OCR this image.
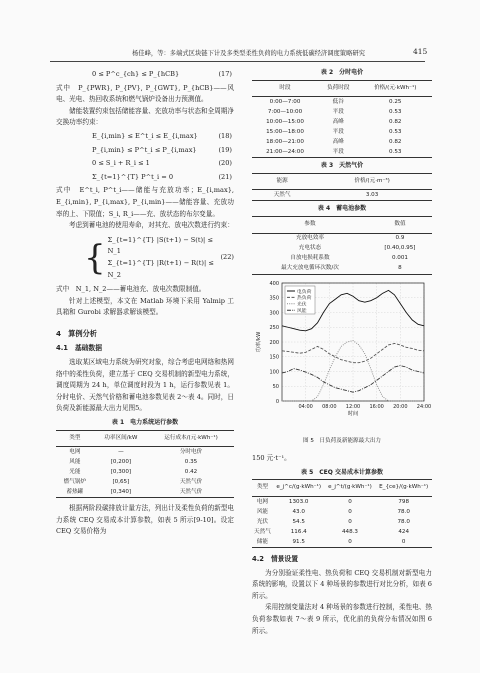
杨佳峰，等：多端式区块链下计及多类型柔性负荷的电力系统低碳经济调度策略研究	415
0 ≤ P^c_{ch} ≤ P_{hCB}	(17)

式中　P_{PWR}, P_{PV}, P_{GWT}, P_{hCB}——风电、光电、热回收系统和燃气锅炉设备出力预测值。

储能装置约束包括储能容量、充放功率与状态和全周期净交换功率约束：

E_{i,min} ≤ E^t_i ≤ E_{i,max}	(18)
P_{i,min} ≤ P^t_i ≤ P_{i,max}	(19)
0 ≤ S_i + R_i ≤ 1	(20)
Σ_{t=1}^{T} P^t_i = 0	(21)

式中　E^t_i, P^t_i——储能与充放功率；E_{i,max}, E_{i,min}, P_{i,max}, P_{i,min}——储能容量、充放功率的上、下限值；S_i, R_i——充、放状态的布尔变量。

考虑到蓄电池的使用寿命，对其充、放电次数进行约束：

{ Σ_{t=1}^{T} |S(t+1) − S(t)| ≤ N_1
Σ_{t=1}^{T} |R(t+1) − R(t)| ≤ N_2
(22)

式中　N_1, N_2——蓄电池充、放电次数限制值。

针对上述模型，本文在 Matlab 环境下采用 Yalmip 工具箱和 Gurobi 求解器求解该模型。

4　算例分析
4.1　基础数据

选取某区域电力系统为研究对象，综合考虑电网络和热网络中的柔性负荷，建立基于 CEQ 交易机制的新型电力系统，调度周期为 24 h，单位调度时段为 1 h，运行参数见表 1。分时电价、天然气价格和蓄电池参数见表 2～表 4。同时，日负荷及新能源最大出力见图5。

表 1　电力系统运行参数
类型	功率区间/kW	运行成本/(元·kWh⁻¹)
电网	—	分时电价
风能	[0,200]	0.35
光能	[0,300]	0.42
燃气锅炉	[0,65]	天然气价
蓄热罐	[0,340]	天然气价

根据两阶段碳排放计量方法，列出计及柔性负荷的新型电力系统 CEQ 交易成本计算参数，如表 5 所示[9-10]。设定 CEQ 交易价格为

表 2　分时电价
时段	负荷时段	价格/(元·kWh⁻¹)
0:00—7:00	低谷	0.25
7:00—10:00	平段	0.53
10:00—15:00	高峰	0.82
15:00—18:00	平段	0.53
18:00—21:00	高峰	0.82
21:00—24:00	平段	0.53
表 3　天然气价
能源	价格/(元·m⁻³)
天然气	3.03
表 4　蓄电池参数
参数	数值
充放电效率	0.9
充电状态	[0.40,0.95]
自放电损耗系数	0.001
最大充放电循环次数/次	8
0
50
100
150
200
250
300
350
400
04:00 08:00 12:00 16:00 20:00 24:00
时间
功率/kW
电负荷
热负荷
光伏
风能
图 5　日负荷及新能源最大出力

150 元·t⁻¹。

表 5　CEQ 交易成本计算参数
类型	e_j^c/(g·kWh⁻¹)	e_j^t/(g·kWh⁻¹)	E_{ce}/(g·kWh⁻¹)
电网	1303.0	0	798
风能	43.0	0	78.0
光伏	54.5	0	78.0
天然气	116.4	448.3	424
储能	91.5	0	0
4.2　情景设置

为分别验证柔性电、热负荷和 CEQ 交易机制对新型电力系统的影响，设置以下 4 种场景的参数进行对比分析，如表 6 所示。

采用控制变量法对 4 种场景的参数进行控制，柔性电、热负荷参数如表 7～表 9 所示，优化前的负荷分布情况如图 6 所示。
